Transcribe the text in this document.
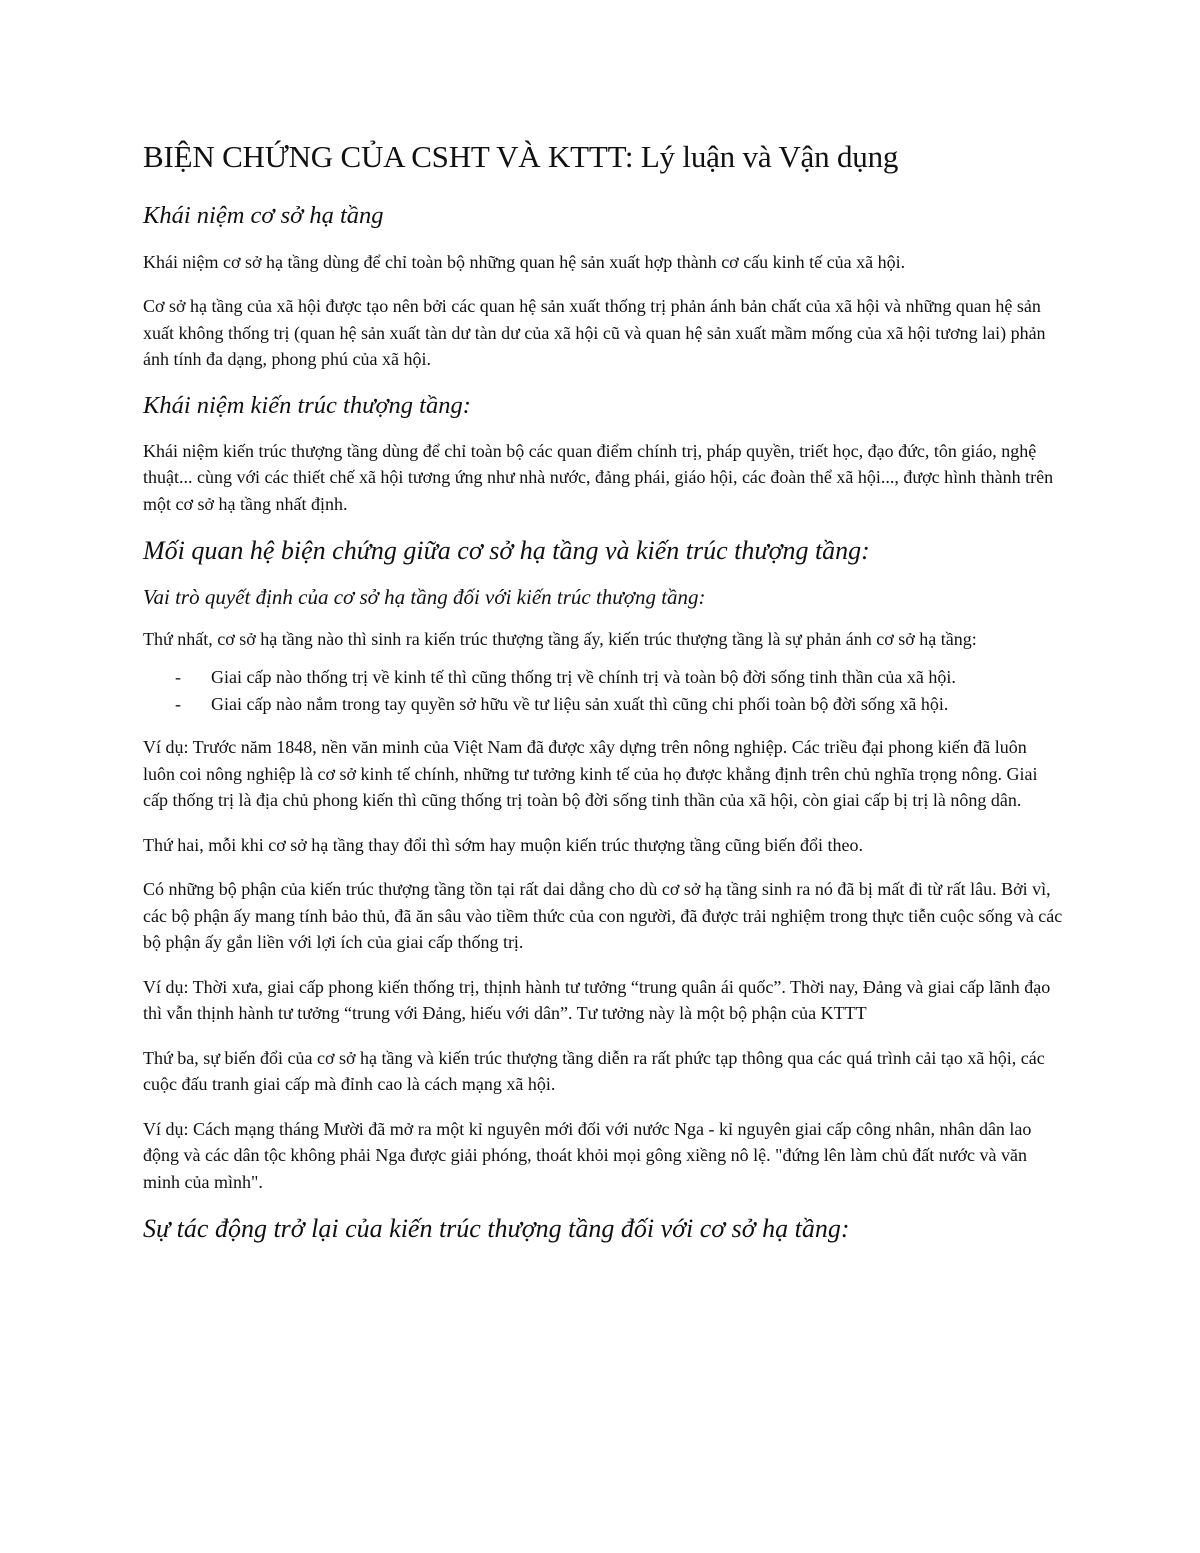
BIỆN CHỨNG CỦA CSHT VÀ KTTT: Lý luận và Vận dụng
Khái niệm cơ sở hạ tầng

Khái niệm cơ sở hạ tầng dùng để chỉ toàn bộ những quan hệ sản xuất hợp thành cơ cấu kinh tế của xã hội.

Cơ sở hạ tầng của xã hội được tạo nên bởi các quan hệ sản xuất thống trị phản ánh bản chất của xã hội và những quan hệ sản xuất không thống trị (quan hệ sản xuất tàn dư tàn dư của xã hội cũ và quan hệ sản xuất mầm mống của xã hội tương lai) phản ánh tính đa dạng, phong phú của xã hội.

Khái niệm kiến trúc thượng tầng:

Khái niệm kiến trúc thượng tầng dùng để chỉ toàn bộ các quan điểm chính trị, pháp quyền, triết học, đạo đức, tôn giáo, nghệ thuật... cùng với các thiết chế xã hội tương ứng như nhà nước, đảng phái, giáo hội, các đoàn thể xã hội..., được hình thành trên một cơ sở hạ tầng nhất định.

Mối quan hệ biện chứng giữa cơ sở hạ tầng và kiến trúc thượng tầng:
Vai trò quyết định của cơ sở hạ tầng đối với kiến trúc thượng tầng:

Thứ nhất, cơ sở hạ tầng nào thì sinh ra kiến trúc thượng tầng ấy, kiến trúc thượng tầng là sự phản ánh cơ sở hạ tầng:

- Giai cấp nào thống trị về kinh tế thì cũng thống trị về chính trị và toàn bộ đời sống tinh thần của xã hội.
- Giai cấp nào nắm trong tay quyền sở hữu về tư liệu sản xuất thì cũng chi phối toàn bộ đời sống xã hội.

Ví dụ: Trước năm 1848, nền văn minh của Việt Nam đã được xây dựng trên nông nghiệp. Các triều đại phong kiến đã luôn luôn coi nông nghiệp là cơ sở kinh tế chính, những tư tưởng kinh tế của họ được khẳng định trên chủ nghĩa trọng nông. Giai cấp thống trị là địa chủ phong kiến thì cũng thống trị toàn bộ đời sống tinh thần của xã hội, còn giai cấp bị trị là nông dân.

Thứ hai, mỗi khi cơ sở hạ tầng thay đổi thì sớm hay muộn kiến trúc thượng tầng cũng biến đổi theo.

Có những bộ phận của kiến trúc thượng tầng tồn tại rất dai dẳng cho dù cơ sở hạ tầng sinh ra nó đã bị mất đi từ rất lâu. Bởi vì, các bộ phận ấy mang tính bảo thủ, đã ăn sâu vào tiềm thức của con người, đã được trải nghiệm trong thực tiễn cuộc sống và các bộ phận ấy gắn liền với lợi ích của giai cấp thống trị.

Ví dụ: Thời xưa, giai cấp phong kiến thống trị, thịnh hành tư tưởng “trung quân ái quốc”. Thời nay, Đảng và giai cấp lãnh đạo thì vẫn thịnh hành tư tưởng “trung với Đảng, hiếu với dân”. Tư tưởng này là một bộ phận của KTTT

Thứ ba, sự biến đổi của cơ sở hạ tầng và kiến trúc thượng tầng diễn ra rất phức tạp thông qua các quá trình cải tạo xã hội, các cuộc đấu tranh giai cấp mà đỉnh cao là cách mạng xã hội.

Ví dụ: Cách mạng tháng Mười đã mở ra một kỉ nguyên mới đối với nước Nga - kỉ nguyên giai cấp công nhân, nhân dân lao động và các dân tộc không phải Nga được giải phóng, thoát khỏi mọi gông xiềng nô lệ. "đứng lên làm chủ đất nước và văn minh của mình".

Sự tác động trở lại của kiến trúc thượng tầng đối với cơ sở hạ tầng:
